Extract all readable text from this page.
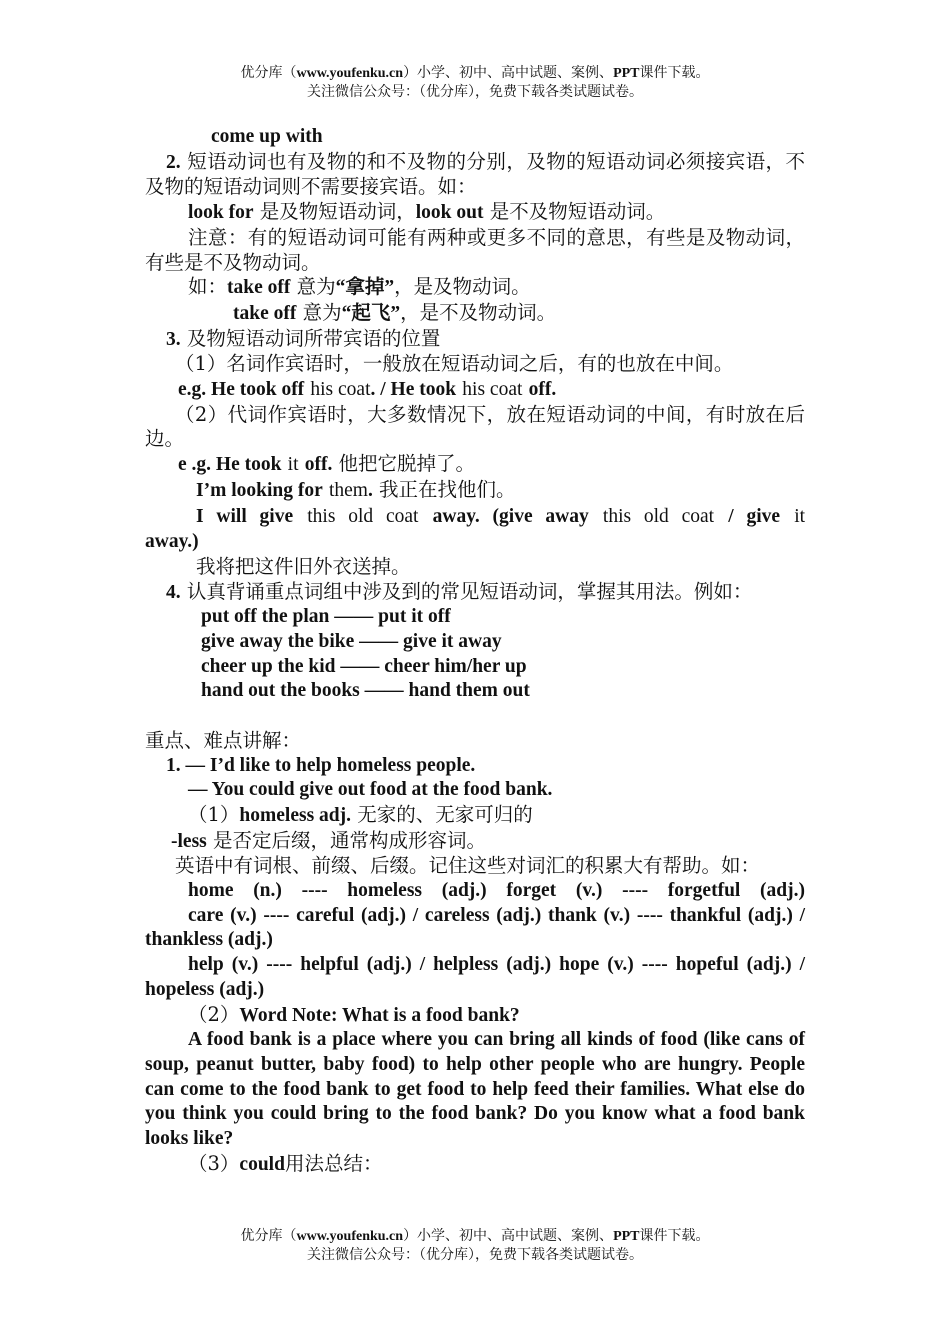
优分库（www.youfenku.cn）小学、初中、高中试题、案例、PPT课件下载。
关注微信公众号：（优分库），免费下载各类试题试卷。
come up with
2. 短语动词也有及物的和不及物的分别，及物的短语动词必须接宾语，不及物的短语动词则不需要接宾语。如：
look for 是及物短语动词，look out 是不及物短语动词。
注意：有的短语动词可能有两种或更多不同的意思，有些是及物动词，有些是不及物动词。
如：take off 意为“拿掉”，是及物动词。
take off 意为“起飞”，是不及物动词。
3. 及物短语动词所带宾语的位置
（1）名词作宾语时，一般放在短语动词之后，有的也放在中间。
e.g. He took off his coat. / He took his coat off.
（2）代词作宾语时，大多数情况下，放在短语动词的中间，有时放在后边。
e .g. He took it off. 他把它脱掉了。
I’m looking for them. 我正在找他们。
I will give this old coat away. (give away this old coat / give it
away.)
我将把这件旧外衣送掉。
4. 认真背诵重点词组中涉及到的常见短语动词，掌握其用法。例如：
put off the plan —— put it off
give away the bike —— give it away
cheer up the kid —— cheer him/her up
hand out the books —— hand them out
重点、难点讲解：
1. — I’d like to help homeless people.
— You could give out food at the food bank.
（1）homeless adj. 无家的、无家可归的
-less 是否定后缀，通常构成形容词。
英语中有词根、前缀、后缀。记住这些对词汇的积累大有帮助。如：
home (n.) ---- homeless (adj.) forget (v.) ---- forgetful (adj.)
care (v.) ---- careful (adj.) / careless (adj.) thank (v.) ---- thankful (adj.) / thankless (adj.)
help (v.) ---- helpful (adj.) / helpless (adj.) hope (v.) ---- hopeful (adj.) / hopeless (adj.)
（2）Word Note: What is a food bank?
A food bank is a place where you can bring all kinds of food (like cans of soup, peanut butter, baby food) to help other people who are hungry. People can come to the food bank to get food to help feed their families. What else do you think you could bring to the food bank? Do you know what a food bank looks like?
（3）could用法总结：
优分库（www.youfenku.cn）小学、初中、高中试题、案例、PPT课件下载。
关注微信公众号：（优分库），免费下载各类试题试卷。
